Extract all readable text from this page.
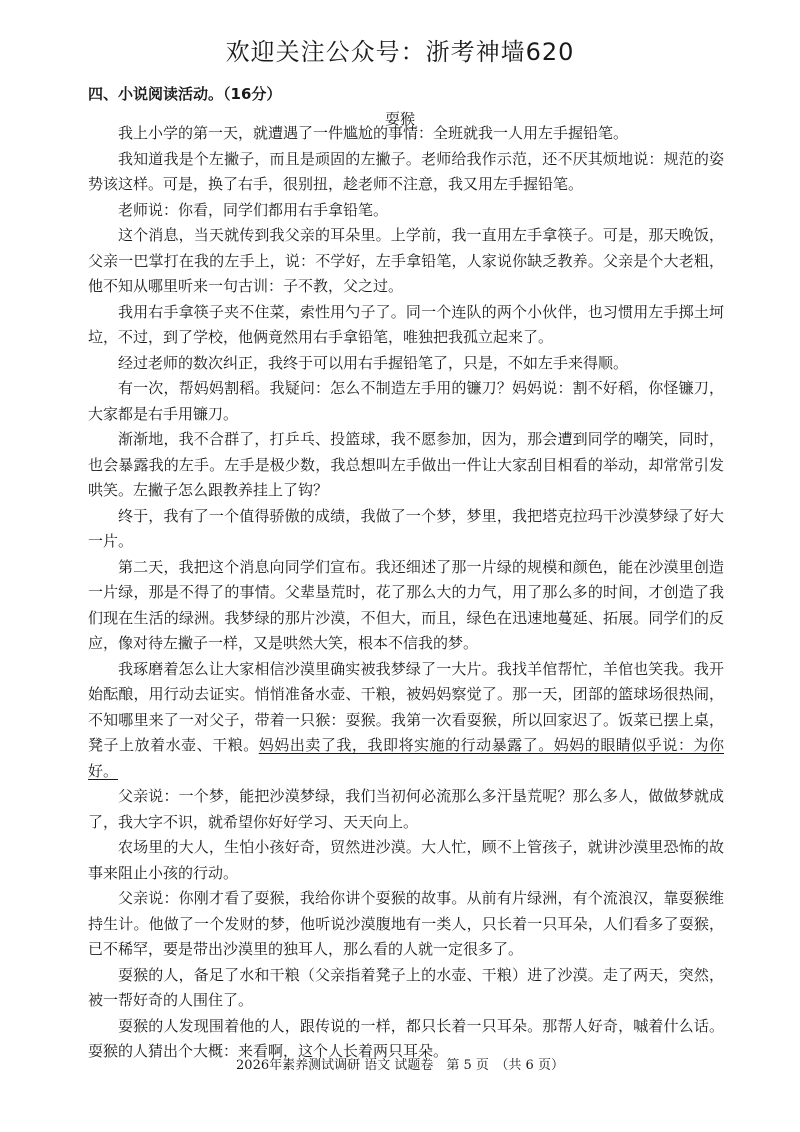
欢迎关注公众号：浙考神墙620
四、小说阅读活动。（16分）
耍猴

我上小学的第一天，就遭遇了一件尴尬的事情：全班就我一人用左手握铅笔。

我知道我是个左撇子，而且是顽固的左撇子。老师给我作示范，还不厌其烦地说：规范的姿势该这样。可是，换了右手，很别扭，趁老师不注意，我又用左手握铅笔。

老师说：你看，同学们都用右手拿铅笔。

这个消息，当天就传到我父亲的耳朵里。上学前，我一直用左手拿筷子。可是，那天晚饭，父亲一巴掌打在我的左手上，说：不学好，左手拿铅笔，人家说你缺乏教养。父亲是个大老粗，他不知从哪里听来一句古训：子不教，父之过。

我用右手拿筷子夹不住菜，索性用勺子了。同一个连队的两个小伙伴，也习惯用左手掷土坷垃，不过，到了学校，他俩竟然用右手拿铅笔，唯独把我孤立起来了。

经过老师的数次纠正，我终于可以用右手握铅笔了，只是，不如左手来得顺。

有一次，帮妈妈割稻。我疑问：怎么不制造左手用的镰刀？妈妈说：割不好稻，你怪镰刀，大家都是右手用镰刀。

渐渐地，我不合群了，打乒乓、投篮球，我不愿参加，因为，那会遭到同学的嘲笑，同时，也会暴露我的左手。左手是极少数，我总想叫左手做出一件让大家刮目相看的举动，却常常引发哄笑。左撇子怎么跟教养挂上了钩？

终于，我有了一个值得骄傲的成绩，我做了一个梦，梦里，我把塔克拉玛干沙漠梦绿了好大一片。

第二天，我把这个消息向同学们宣布。我还细述了那一片绿的规模和颜色，能在沙漠里创造一片绿，那是不得了的事情。父辈垦荒时，花了那么大的力气，用了那么多的时间，才创造了我们现在生活的绿洲。我梦绿的那片沙漠，不但大，而且，绿色在迅速地蔓延、拓展。同学们的反应，像对待左撇子一样，又是哄然大笑，根本不信我的梦。

我琢磨着怎么让大家相信沙漠里确实被我梦绿了一大片。我找羊倌帮忙，羊倌也笑我。我开始酝酿，用行动去证实。悄悄准备水壶、干粮，被妈妈察觉了。那一天，团部的篮球场很热闹，不知哪里来了一对父子，带着一只猴：耍猴。我第一次看耍猴，所以回家迟了。饭菜已摆上桌，凳子上放着水壶、干粮。妈妈出卖了我，我即将实施的行动暴露了。妈妈的眼睛似乎说：为你好。

父亲说：一个梦，能把沙漠梦绿，我们当初何必流那么多汗垦荒呢？那么多人，做做梦就成了，我大字不识，就希望你好好学习、天天向上。

农场里的大人，生怕小孩好奇，贸然进沙漠。大人忙，顾不上管孩子，就讲沙漠里恐怖的故事来阻止小孩的行动。

父亲说：你刚才看了耍猴，我给你讲个耍猴的故事。从前有片绿洲，有个流浪汉，靠耍猴维持生计。他做了一个发财的梦，他听说沙漠腹地有一类人，只长着一只耳朵，人们看多了耍猴，已不稀罕，要是带出沙漠里的独耳人，那么看的人就一定很多了。

耍猴的人，备足了水和干粮（父亲指着凳子上的水壶、干粮）进了沙漠。走了两天，突然，被一帮好奇的人围住了。

耍猴的人发现围着他的人，跟传说的一样，都只长着一只耳朵。那帮人好奇，嘁着什么话。耍猴的人猜出个大概：来看啊，这个人长着两只耳朵。

2026年素养测试调研 语文 试题卷　第 5 页　（共 6 页）
